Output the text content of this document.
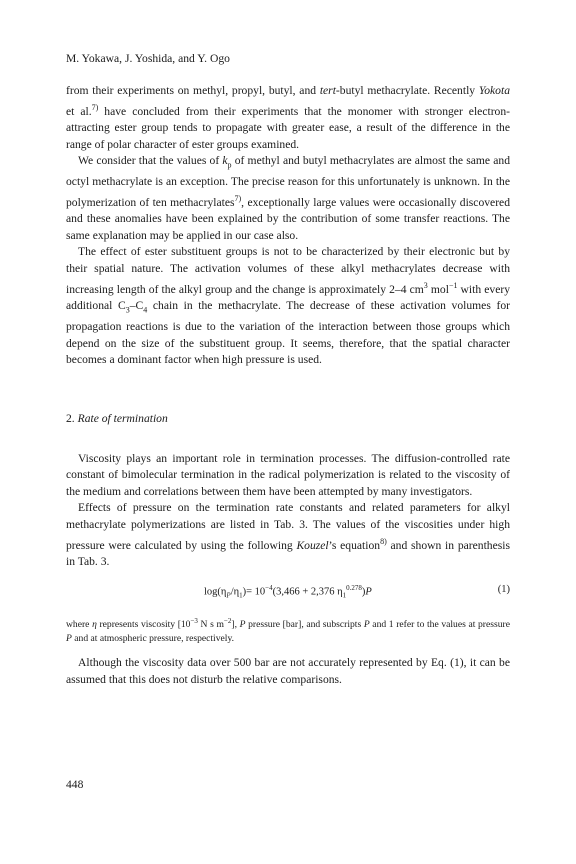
M. Yokawa, J. Yoshida, and Y. Ogo

from their experiments on methyl, propyl, butyl, and tert-butyl methacrylate. Recently Yokota et al.$^{7)}$ have concluded from their experiments that the monomer with stronger electron-attracting ester group tends to propagate with greater ease, a result of the difference in the range of polar character of ester groups examined.

We consider that the values of $k_p$ of methyl and butyl methacrylates are almost the same and octyl methacrylate is an exception. The precise reason for this unfortunately is unknown. In the polymerization of ten methacrylates$^{7)}$, exceptionally large values were occasionally discovered and these anomalies have been explained by the contribution of some transfer reactions. The same explanation may be applied in our case also.

The effect of ester substituent groups is not to be characterized by their electronic but by their spatial nature. The activation volumes of these alkyl methacrylates decrease with increasing length of the alkyl group and the change is approximately 2–4 $cm^3$ mol$^{-1}$ with every additional $C_3-C_4$ chain in the methacrylate. The decrease of these activation volumes for propagation reactions is due to the variation of the interaction between those groups which depend on the size of the substituent group. It seems, therefore, that the spatial character becomes a dominant factor when high pressure is used.

2. Rate of termination

Viscosity plays an important role in termination processes. The diffusion-controlled rate constant of bimolecular termination in the radical polymerization is related to the viscosity of the medium and correlations between them have been attempted by many investigators.

Effects of pressure on the termination rate constants and related parameters for alkyl methacrylate polymerizations are listed in Tab. 3. The values of the viscosities under high pressure were calculated by using the following Kouzel’s equation$^{8)}$ and shown in parenthesis in Tab. 3.

$\log(\eta_P/\eta_1)= 10^{-4}(3,466 + 2,376$ $\eta_1^{0.278})P$	(1)

where η represents viscosity [$10^{-3}$ N s $m^{-2}$], P pressure [bar], and subscripts P and 1 refer to the values at pressure P and at atmospheric pressure, respectively.

Although the viscosity data over 500 bar are not accurately represented by Eq. (1), it can be assumed that this does not disturb the relative comparisons.

448
